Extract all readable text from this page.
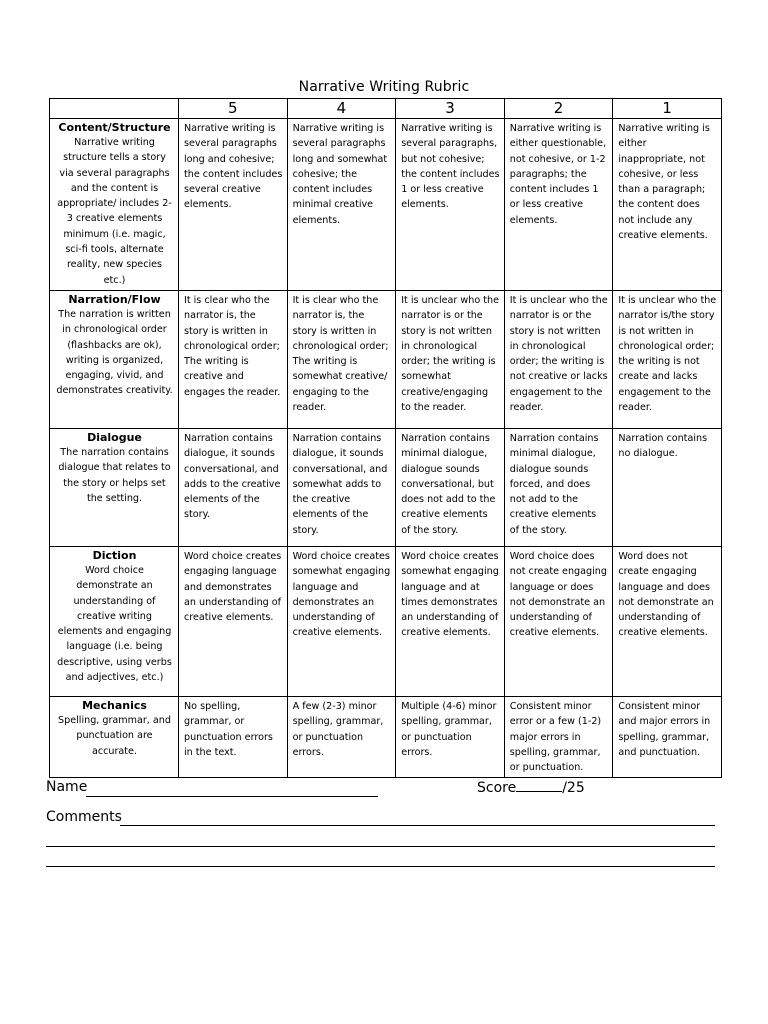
Narrative Writing Rubric
	5	4	3	2	1

Content/Structure
Narrative writing structure tells a story via several paragraphs and the content is appropriate/ includes 2-3 creative elements minimum (i.e. magic, sci-fi tools, alternate reality, new species etc.)	Narrative writing is several paragraphs long and cohesive; the content includes several creative elements.	Narrative writing is several paragraphs long and somewhat cohesive; the content includes minimal creative elements.	Narrative writing is several paragraphs, but not cohesive; the content includes 1 or less creative elements.	Narrative writing is either questionable, not cohesive, or 1-2 paragraphs; the content includes 1 or less creative elements.	Narrative writing is either inappropriate, not cohesive, or less than a paragraph; the content does not include any creative elements.

Narration/Flow
The narration is written in chronological order (flashbacks are ok), writing is organized, engaging, vivid, and demonstrates creativity.	It is clear who the narrator is, the story is written in chronological order; The writing is creative and engages the reader.	It is clear who the narrator is, the story is written in chronological order; The writing is somewhat creative/ engaging to the reader.	It is unclear who the narrator is or the story is not written in chronological order; the writing is somewhat creative/engaging to the reader.	It is unclear who the narrator is or the story is not written in chronological order; the writing is not creative or lacks engagement to the reader.	It is unclear who the narrator is/the story is not written in chronological order; the writing is not create and lacks engagement to the reader.

Dialogue
The narration contains dialogue that relates to the story or helps set the setting.	Narration contains dialogue, it sounds conversational, and adds to the creative elements of the story.	Narration contains dialogue, it sounds conversational, and somewhat adds to the creative elements of the story.	Narration contains minimal dialogue, dialogue sounds conversational, but does not add to the creative elements of the story.	Narration contains minimal dialogue, dialogue sounds forced, and does not add to the creative elements of the story.	Narration contains no dialogue.

Diction
Word choice demonstrate an understanding of creative writing elements and engaging language (i.e. being descriptive, using verbs and adjectives, etc.)	Word choice creates engaging language and demonstrates an understanding of creative elements.	Word choice creates somewhat engaging language and demonstrates an understanding of creative elements.	Word choice creates somewhat engaging language and at times demonstrates an understanding of creative elements.	Word choice does not create engaging language or does not demonstrate an understanding of creative elements.	Word does not create engaging language and does not demonstrate an understanding of creative elements.

Mechanics
Spelling, grammar, and punctuation are accurate.	No spelling, grammar, or punctuation errors in the text.	A few (2-3) minor spelling, grammar, or punctuation errors.	Multiple (4-6) minor spelling, grammar, or punctuation errors.	Consistent minor error or a few (1-2) major errors in spelling, grammar, or punctuation.	Consistent minor and major errors in spelling, grammar, and punctuation.
Name	Score	/25
Comments
